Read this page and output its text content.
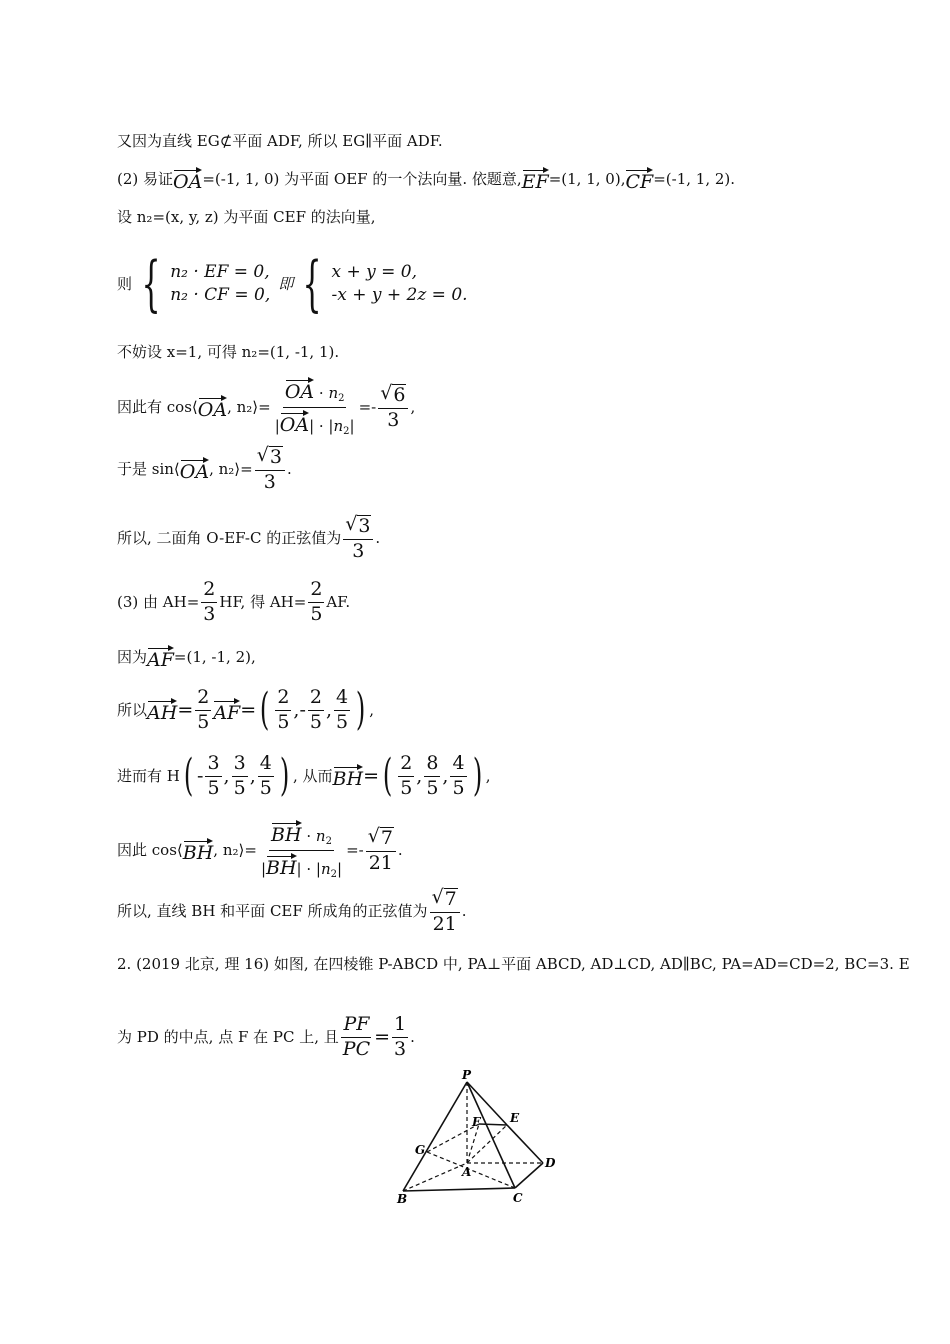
又因为直线 EG⊄平面 ADF, 所以 EG∥平面 ADF.
(2) 易证 OA =(-1, 1, 0) 为平面 OEF 的一个法向量. 依题意, EF =(1, 1, 0), CF =(-1, 1, 2).
设 n₂=(x, y, z) 为平面 CEF 的法向量,
则 { n₂ · EF = 0,
n₂ · CF = 0,
即 { x + y = 0,
-x + y + 2z = 0.
不妨设 x=1, 可得 n₂=(1, -1, 1).
因此有 cos⟨ OA , n₂⟩= $\frac{OA \cdot n_2}{|OA| \cdot |n_2|} =- \frac{√ 6}{3}$ ,
于是 sin⟨ OA , n₂⟩= $\frac{√ 3}{3}$ .
所以, 二面角 O-EF-C 的正弦值为 $\frac{√ 3}{3}$ .
(3) 由 $AH= \frac{2}{3}$ HF, 得 $AH= \frac{2}{5}$ AF.
因为 AF =(1, -1, 2),
所以 AH = $\frac{2}{5}$ AF = ( $\frac{2}{5}$ ,- $\frac{2}{5}$ , $\frac{4}{5}$ ) ,
进而有 H ( - $\frac{3}{5}$ , $\frac{3}{5}$ , $\frac{4}{5}$ ) , 从而 BH = ( $\frac{2}{5}$ , $\frac{8}{5}$ , $\frac{4}{5}$ ) ,
因此 cos⟨ BH , n₂⟩= $\frac{BH \cdot n_2}{|BH| \cdot |n_2|} =- \frac{√ 7}{21}$ .
所以, 直线 BH 和平面 CEF 所成角的正弦值为 $\frac{√ 7}{21}$ .
2. (2019 北京, 理 16) 如图, 在四棱锥 P-ABCD 中, PA⊥平面 ABCD, AD⊥CD, AD∥BC, PA=AD=CD=2, BC=3. E
为 PD 的中点, 点 F 在 PC 上, 且 $\frac{PF}{PC} = \frac{1}{3}$ .
P
E
F
G
D
A
B	C
